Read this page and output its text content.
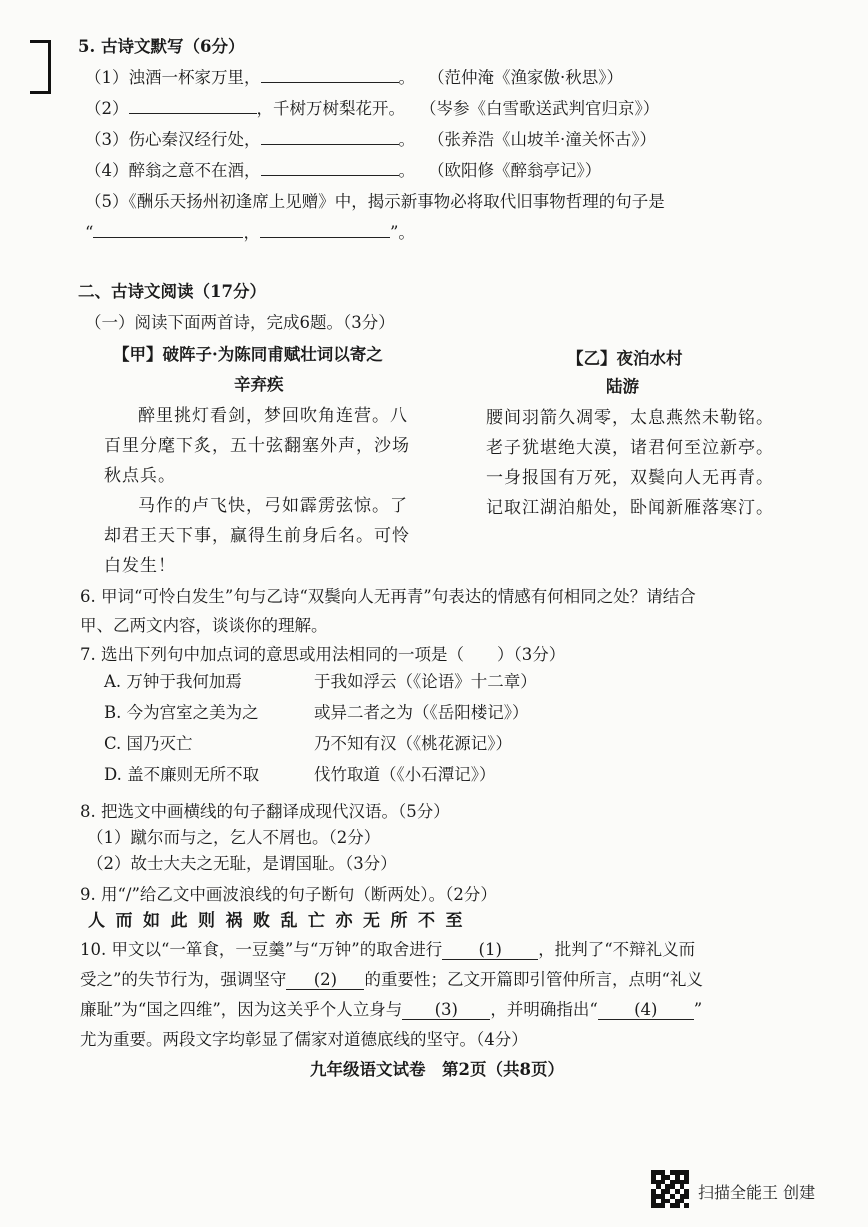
5. 古诗文默写（6分）
（1）浊酒一杯家万里，	。 （范仲淹《渔家傲·秋思》）
（2）	，千树万树梨花开。 （岑参《白雪歌送武判官归京》）
（3）伤心秦汉经行处，	。 （张养浩《山坡羊·潼关怀古》）
（4）醉翁之意不在酒，	。 （欧阳修《醉翁亭记》）
（5）《酬乐天扬州初逢席上见赠》中，揭示新事物必将取代旧事物哲理的句子是
“	，	”。
二、古诗文阅读（17分）
（一）阅读下面两首诗，完成6题。（3分）
【甲】破阵子·为陈同甫赋壮词以寄之
辛弃疾
醉里挑灯看剑，梦回吹角连营。八
百里分麾下炙，五十弦翻塞外声，沙场
秋点兵。
马作的卢飞快，弓如霹雳弦惊。了
却君王天下事，赢得生前身后名。可怜
白发生！
【乙】夜泊水村
陆游
腰间羽箭久凋零，太息燕然未勒铭。
老子犹堪绝大漠，诸君何至泣新亭。
一身报国有万死，双鬓向人无再青。
记取江湖泊船处，卧闻新雁落寒汀。
6. 甲词“可怜白发生”句与乙诗“双鬓向人无再青”句表达的情感有何相同之处？请结合
甲、乙两文内容，谈谈你的理解。
7. 选出下列句中加点词的意思或用法相同的一项是（　　）（3分）
A. 万钟于我何加焉	于我如浮云（《论语》十二章）
B. 今为宫室之美为之	或异二者之为（《岳阳楼记》）
C. 国乃灭亡	乃不知有汉（《桃花源记》）
D. 盖不廉则无所不取	伐竹取道（《小石潭记》）
8. 把选文中画横线的句子翻译成现代汉语。（5分）
（1）蹴尔而与之，乞人不屑也。（2分）
（2）故士大夫之无耻，是谓国耻。（3分）
9. 用“/”给乙文中画波浪线的句子断句（断两处）。（2分）
人而如此则祸败乱亡亦无所不至
10. 甲文以“一箪食，一豆羹”与“万钟”的取舍进行 (1) ，批判了“不辩礼义而
受之”的失节行为，强调坚守 (2) 的重要性；乙文开篇即引管仲所言，点明“礼义
廉耻”为“国之四维”，因为这关乎个人立身与 (3) ，并明确指出“ (4) ”
尤为重要。两段文字均彰显了儒家对道德底线的坚守。（4分）
九年级语文试卷　第2页（共8页）
扫描全能王 创建
